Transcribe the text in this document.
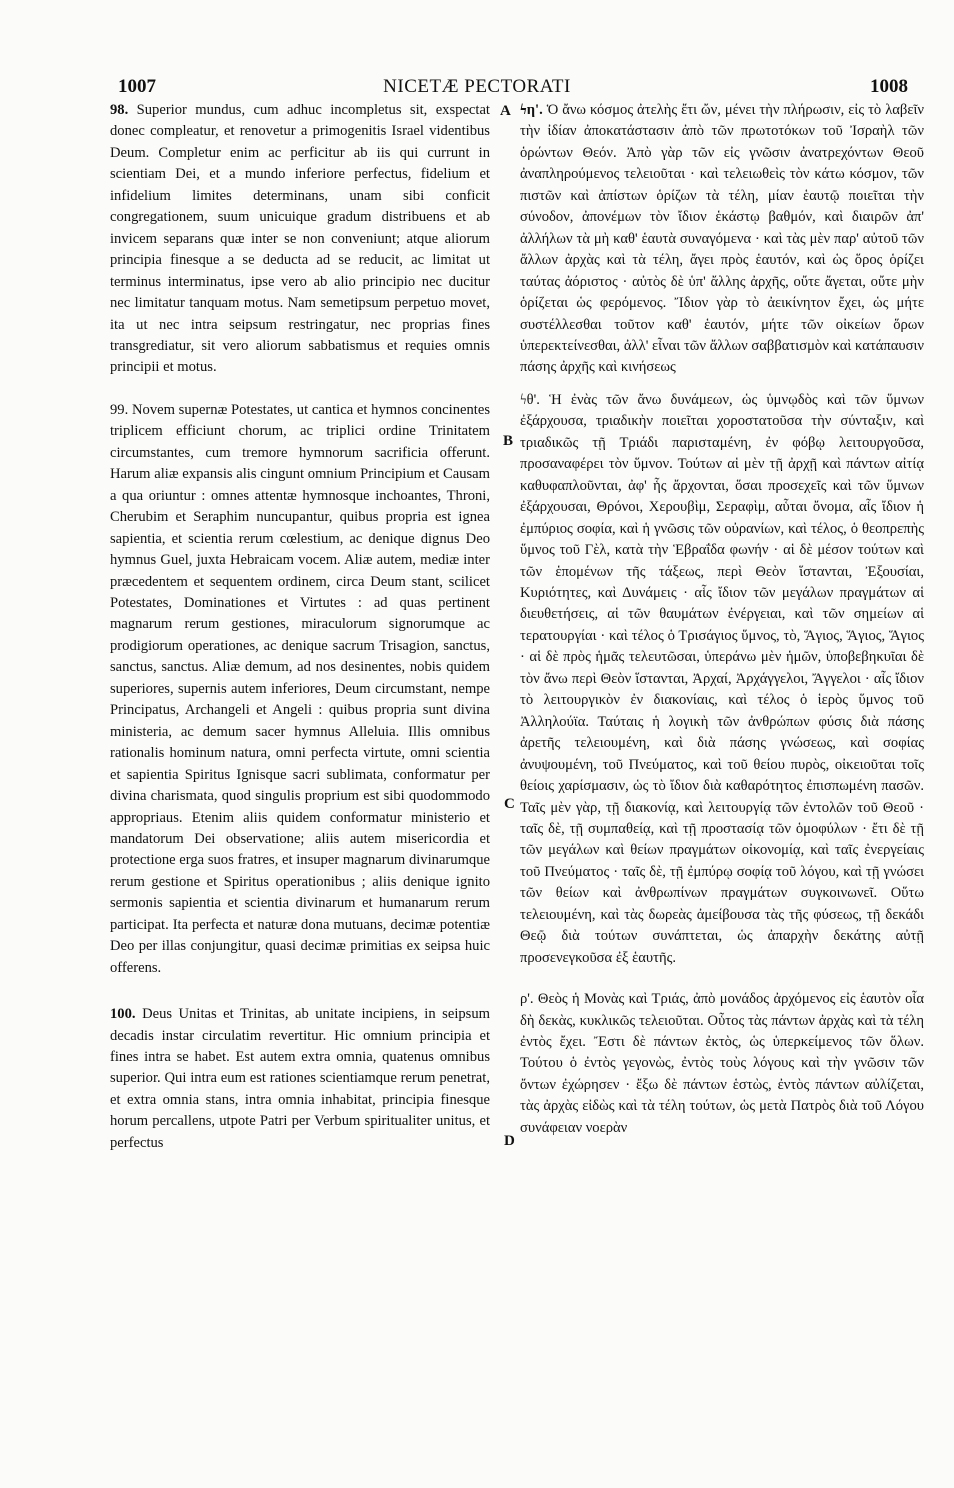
1007	NICETÆ PECTORATI	1008
A
B
C
D

98. Superior mundus, cum adhuc incompletus sit, exspectat donec compleatur, et renovetur a primogenitis Israel videntibus Deum. Completur enim ac perficitur ab iis qui currunt in scientiam Dei, et a mundo inferiore perfectus, fidelium et infidelium limites determinans, unam sibi conficit congregationem, suum unicuique gradum distribuens et ab invicem separans quæ inter se non conveniunt; atque aliorum principia finesque a se deducta ad se reducit, ac limitat ut terminus interminatus, ipse vero ab alio principio nec ducitur nec limitatur tanquam motus. Nam semetipsum perpetuo movet, ita ut nec intra seipsum restringatur, nec proprias fines transgrediatur, sit vero aliorum sabbatismus et requies omnis principii et motus.

99. Novem supernæ Potestates, ut cantica et hymnos concinentes triplicem efficiunt chorum, ac triplici ordine Trinitatem circumstantes, cum tremore hymnorum sacrificia offerunt. Harum aliæ expansis alis cingunt omnium Principium et Causam a qua oriuntur : omnes attentæ hymnosque inchoantes, Throni, Cherubim et Seraphim nuncupantur, quibus propria est ignea sapientia, et scientia rerum cœlestium, ac denique dignus Deo hymnus Guel, juxta Hebraicam vocem. Aliæ autem, mediæ inter præcedentem et sequentem ordinem, circa Deum stant, scilicet Potestates, Dominationes et Virtutes : ad quas pertinent magnarum rerum gestiones, miraculorum signorumque ac prodigiorum operationes, ac denique sacrum Trisagion, sanctus, sanctus, sanctus. Aliæ demum, ad nos desinentes, nobis quidem superiores, supernis autem inferiores, Deum circumstant, nempe Principatus, Archangeli et Angeli : quibus propria sunt divina ministeria, ac demum sacer hymnus Alleluia. Illis omnibus rationalis hominum natura, omni perfecta virtute, omni scientia et sapientia Spiritus Ignisque sacri sublimata, conformatur per divina charismata, quod singulis proprium est sibi quodommodo appropriaus. Etenim aliis quidem conformatur ministerio et mandatorum Dei observatione; aliis autem misericordia et protectione erga suos fratres, et insuper magnarum divinarumque rerum gestione et Spiritus operationibus ; aliis denique ignito sermonis sapientia et scientia divinarum et humanarum rerum participat. Ita perfecta et naturæ dona mutuans, decimæ potentiæ Deo per illas conjungitur, quasi decimæ primitias ex seipsa huic offerens.

100. Deus Unitas et Trinitas, ab unitate incipiens, in seipsum decadis instar circulatim revertitur. Hic omnium principia et fines intra se habet. Est autem extra omnia, quatenus omnibus superior. Qui intra eum est rationes scientiamque rerum penetrat, et extra omnia stans, intra omnia inhabitat, principia finesque horum percallens, utpote Patri per Verbum spiritualiter unitus, et perfectus

ϟη'. Ὁ ἄνω κόσμος ἀτελὴς ἔτι ὤν, μένει τὴν πλήρωσιν, εἰς τὸ λαβεῖν τὴν ἰδίαν ἀποκατάστασιν ἀπὸ τῶν πρωτοτόκων τοῦ Ἰσραὴλ τῶν ὁρώντων Θεόν. Ἀπὸ γὰρ τῶν εἰς γνῶσιν ἀνατρεχόντων Θεοῦ ἀναπληρούμενος τελειοῦται · καὶ τελειωθεὶς τὸν κάτω κόσμον, τῶν πιστῶν καὶ ἀπίστων ὁρίζων τὰ τέλη, μίαν ἑαυτῷ ποιεῖται τὴν σύνοδον, ἀπονέμων τὸν ἴδιον ἑκάστῳ βαθμόν, καὶ διαιρῶν ἀπ' ἀλλήλων τὰ μὴ καθ' ἑαυτὰ συναγόμενα · καὶ τὰς μὲν παρ' αὐτοῦ τῶν ἄλλων ἀρχὰς καὶ τὰ τέλη, ἄγει πρὸς ἑαυτόν, καὶ ὡς ὅρος ὁρίζει ταύτας ἀόριστος · αὐτὸς δὲ ὑπ' ἄλλης ἀρχῆς, οὔτε ἄγεται, οὔτε μὴν ὁρίζεται ὡς φερόμενος. Ἴδιον γὰρ τὸ ἀεικίνητον ἔχει, ὡς μήτε συστέλλεσθαι τοῦτον καθ' ἑαυτόν, μήτε τῶν οἰκείων ὅρων ὑπερεκτείνεσθαι, ἀλλ' εἶναι τῶν ἄλλων σαββατισμὸν καὶ κατάπαυσιν πάσης ἀρχῆς καὶ κινήσεως

ϟθ'. Ἡ ἐνὰς τῶν ἄνω δυνάμεων, ὡς ὑμνῳδὸς καὶ τῶν ὕμνων ἐξάρχουσα, τριαδικὴν ποιεῖται χοροστατοῦσα τὴν σύνταξιν, καὶ τριαδικῶς τῇ Τριάδι παρισταμένη, ἐν φόβῳ λειτουργοῦσα, προσαναφέρει τὸν ὕμνον. Τούτων αἱ μὲν τῇ ἀρχῇ καὶ πάντων αἰτίᾳ καθυφαπλοῦνται, ἀφ' ἧς ἄρχονται, ὅσαι προσεχεῖς καὶ τῶν ὕμνων ἐξάρχουσαι, Θρόνοι, Χερουβὶμ, Σεραφὶμ, αὗται ὄνομα, αἷς ἴδιον ἡ ἐμπύριος σοφία, καὶ ἡ γνῶσις τῶν οὐρανίων, καὶ τέλος, ὁ θεοπρεπὴς ὕμνος τοῦ Γὲλ, κατὰ τὴν Ἑβραΐδα φωνήν · αἱ δὲ μέσον τούτων καὶ τῶν ἑπομένων τῆς τάξεως, περὶ Θεὸν ἵστανται, Ἐξουσίαι, Κυριότητες, καὶ Δυνάμεις · αἷς ἴδιον τῶν μεγάλων πραγμάτων αἱ διευθετήσεις, αἱ τῶν θαυμάτων ἐνέργειαι, καὶ τῶν σημείων αἱ τερατουργίαι · καὶ τέλος ὁ Τρισάγιος ὕμνος, τὸ, Ἅγιος, Ἅγιος, Ἅγιος · αἱ δὲ πρὸς ἡμᾶς τελευτῶσαι, ὑπεράνω μὲν ἡμῶν, ὑποβεβηκυῖαι δὲ τὸν ἄνω περὶ Θεὸν ἵστανται, Ἀρχαί, Ἀρχάγγελοι, Ἄγγελοι · αἷς ἴδιον τὸ λειτουργικὸν ἐν διακονίαις, καὶ τέλος ὁ ἱερὸς ὕμνος τοῦ Ἀλληλούϊα. Ταύταις ἡ λογικὴ τῶν ἀνθρώπων φύσις διὰ πάσης ἀρετῆς τελειουμένη, καὶ διὰ πάσης γνώσεως, καὶ σοφίας ἀνυψουμένη, τοῦ Πνεύματος, καὶ τοῦ θείου πυρὸς, οἰκειοῦται τοῖς θείοις χαρίσμασιν, ὡς τὸ ἴδιον διὰ καθαρότητος ἐπισπωμένη πασῶν. Ταῖς μὲν γὰρ, τῇ διακονίᾳ, καὶ λειτουργίᾳ τῶν ἐντολῶν τοῦ Θεοῦ · ταῖς δὲ, τῇ συμπαθείᾳ, καὶ τῇ προστασίᾳ τῶν ὁμοφύλων · ἔτι δὲ τῇ τῶν μεγάλων καὶ θείων πραγμάτων οἰκονομίᾳ, καὶ ταῖς ἐνεργείαις τοῦ Πνεύματος · ταῖς δὲ, τῇ ἐμπύρῳ σοφίᾳ τοῦ λόγου, καὶ τῇ γνώσει τῶν θείων καὶ ἀνθρωπίνων πραγμάτων συγκοινωνεῖ. Οὕτω τελειουμένη, καὶ τὰς δωρεὰς ἀμείβουσα τὰς τῆς φύσεως, τῇ δεκάδι Θεῷ διὰ τούτων συνάπτεται, ὡς ἀπαρχὴν δεκάτης αὐτῇ προσενεγκοῦσα ἐξ ἑαυτῆς.

ρ'. Θεὸς ἡ Μονὰς καὶ Τριάς, ἀπὸ μονάδος ἀρχόμενος εἰς ἑαυτὸν οἷα δὴ δεκὰς, κυκλικῶς τελειοῦται. Οὗτος τὰς πάντων ἀρχὰς καὶ τὰ τέλη ἐντὸς ἔχει. Ἔστι δὲ πάντων ἐκτὸς, ὡς ὑπερκείμενος τῶν ὅλων. Τούτου ὁ ἐντὸς γεγονὼς, ἐντὸς τοὺς λόγους καὶ τὴν γνῶσιν τῶν ὄντων ἐχώρησεν · ἔξω δὲ πάντων ἑστὼς, ἐντὸς πάντων αὐλίζεται, τὰς ἀρχὰς εἰδὼς καὶ τὰ τέλη τούτων, ὡς μετὰ Πατρὸς διὰ τοῦ Λόγου συνάφειαν νοερὰν
